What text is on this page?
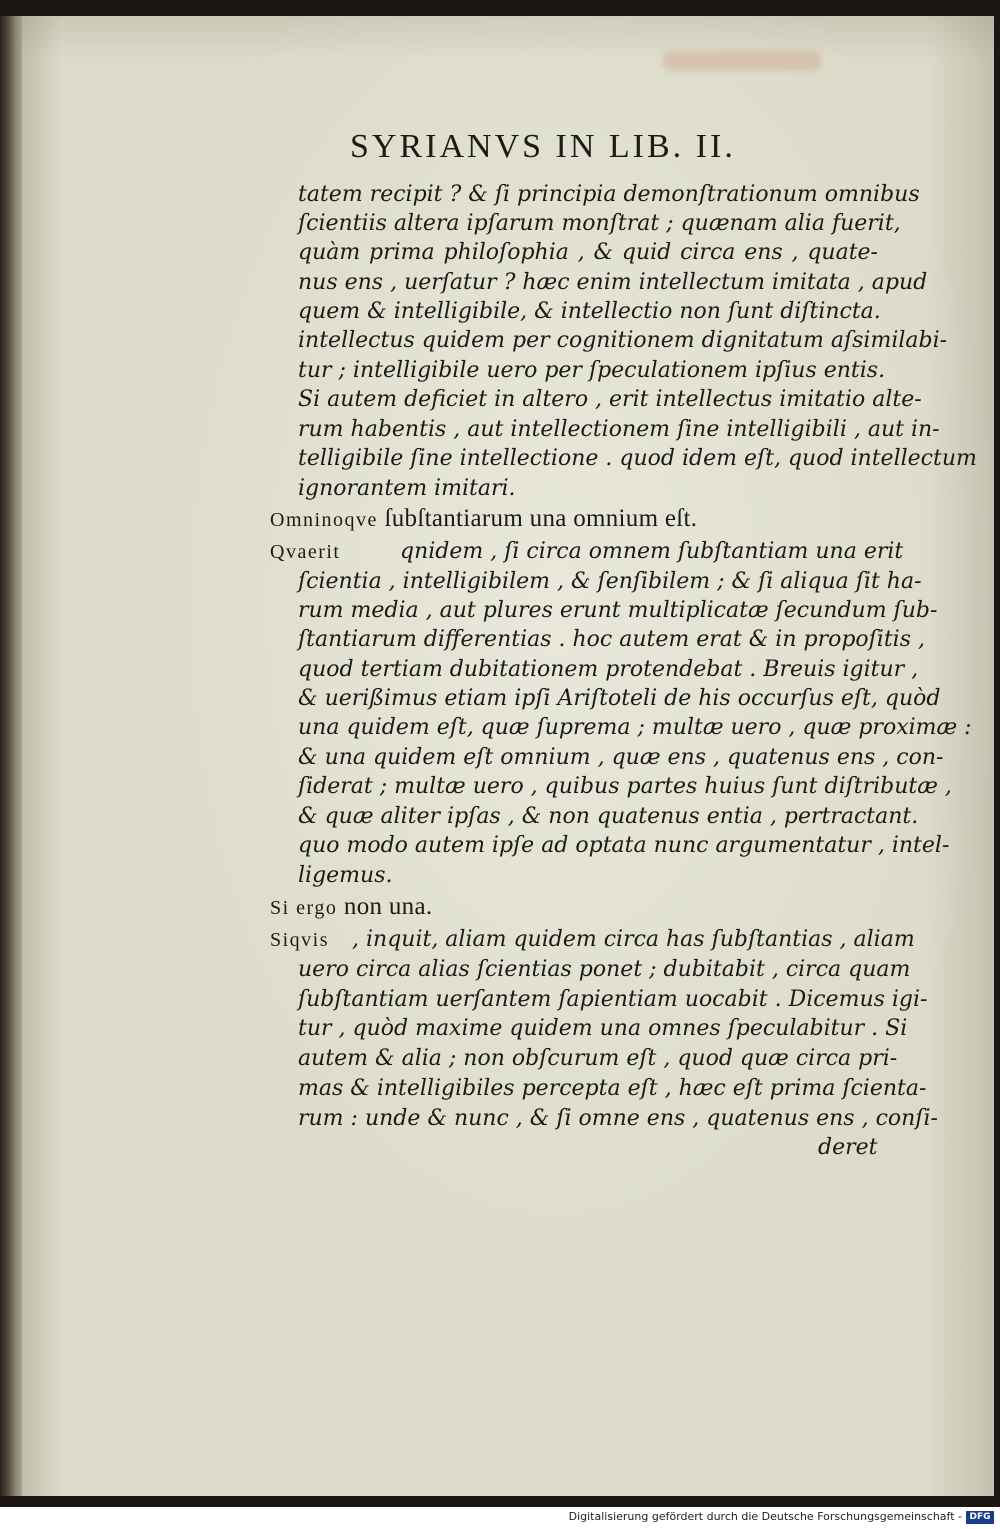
SYRIANVS IN LIB. II.
tatem recipit ? & ſi principia demonſtrationum omnibus
ſcientiis altera ipſarum monſtrat ; quænam alia fuerit,
quàm prima philoſophia , & quid circa ens , quate-
nus ens , uerſatur ? hæc enim intellectum imitata , apud
quem & intelligibile, & intellectio non ſunt diſtincta.
intellectus quidem per cognitionem dignitatum aſsimilabi-
tur ; intelligibile uero per ſpeculationem ipſius entis.
Si autem deficiet in altero , erit intellectus imitatio alte-
rum habentis , aut intellectionem ſine intelligibili , aut in-
telligibile ſine intellectione . quod idem eſt, quod intellectum
ignorantem imitari.
Omninoqve ſubſtantiarum una omnium eſt.
Qvaerit	qnidem , ſi circa omnem ſubſtantiam una erit
ſcientia , intelligibilem , & ſenſibilem ; & ſi aliqua ſit ha-
rum media , aut plures erunt multiplicatæ ſecundum ſub-
ſtantiarum differentias . hoc autem erat & in propoſitis ,
quod tertiam dubitationem protendebat . Breuis igitur ,
& uerißimus etiam ipſi Ariſtoteli de his occurſus eſt, quòd
una quidem eſt, quæ ſuprema ; multæ uero , quæ proximæ :
& una quidem eſt omnium , quæ ens , quatenus ens , con-
ſiderat ; multæ uero , quibus partes huius ſunt diſtributæ ,
& quæ aliter ipſas , & non quatenus entia , pertractant.
quo modo autem ipſe ad optata nunc argumentatur , intel-
ligemus.
Si ergo non una.
Siqvis , inquit, aliam quidem circa has ſubſtantias , aliam
uero circa alias ſcientias ponet ; dubitabit , circa quam
ſubſtantiam uerſantem ſapientiam uocabit . Dicemus igi-
tur , quòd maxime quidem una omnes ſpeculabitur . Si
autem & alia ; non obſcurum eſt , quod quæ circa pri-
mas & intelligibiles percepta eſt , hæc eſt prima ſcienta-
rum : unde & nunc , & ſi omne ens , quatenus ens , conſi-
deret
Digitalisierung gefördert durch die Deutsche Forschungsgemeinschaft - DFG
